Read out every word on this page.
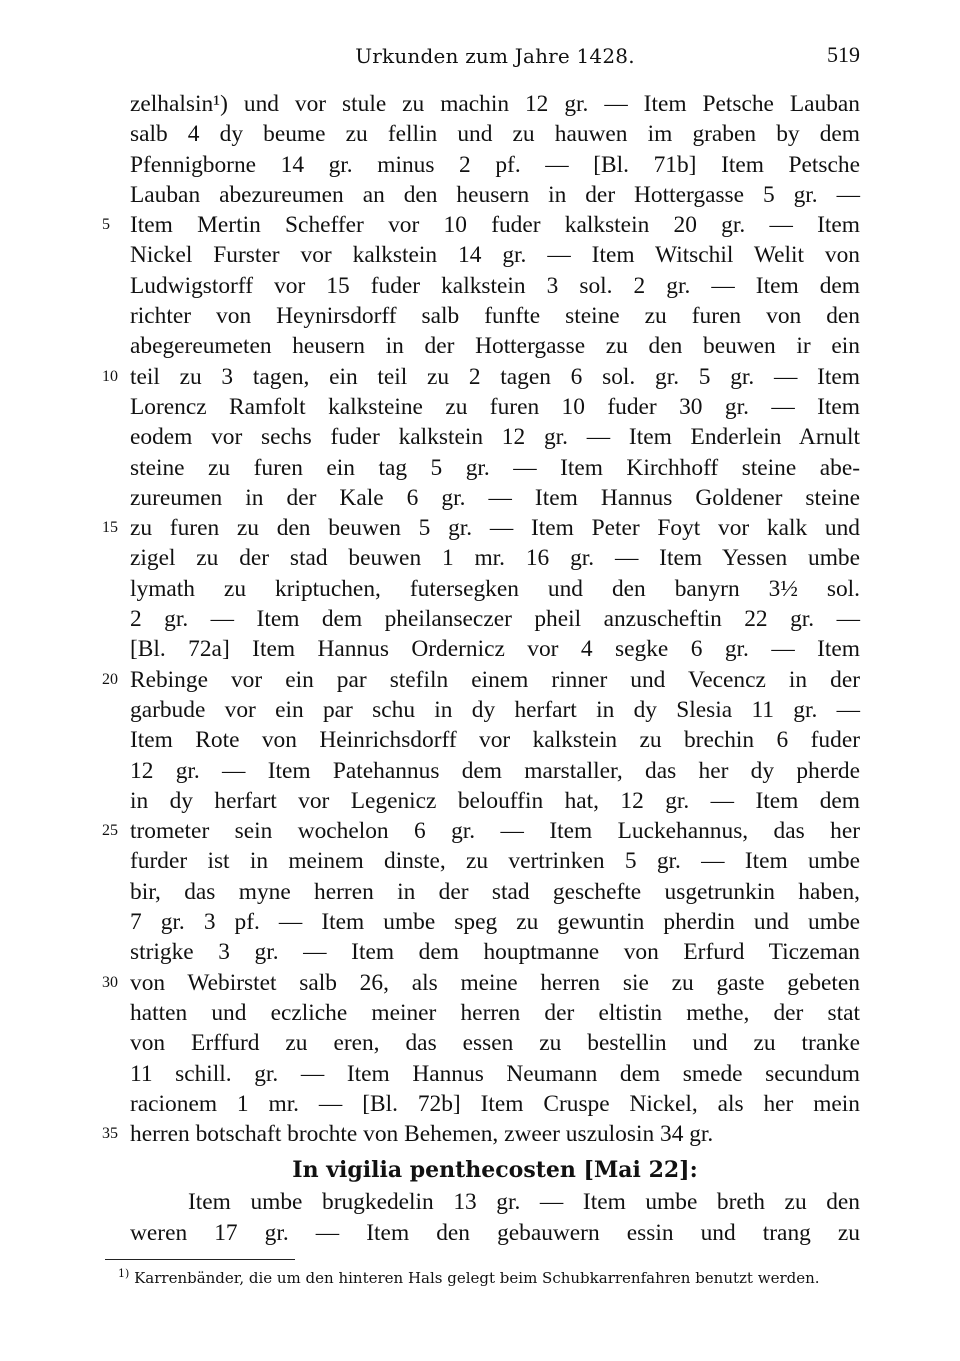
Urkunden zum Jahre 1428.	519
zelhalsin¹) und vor stule zu machin 12 gr. — Item Petsche Lauban
salb 4 dy beume zu fellin und zu hauwen im graben by dem
Pfennigborne 14 gr. minus 2 pf. — [Bl. 71b] Item Petsche
Lauban abezureumen an den heusern in der Hottergasse 5 gr. —
5 Item Mertin Scheffer vor 10 fuder kalkstein 20 gr. — Item
Nickel Furster vor kalkstein 14 gr. — Item Witschil Welit von
Ludwigstorff vor 15 fuder kalkstein 3 sol. 2 gr. — Item dem
richter von Heynirsdorff salb funfte steine zu furen von den
abegereumeten heusern in der Hottergasse zu den beuwen ir ein
10 teil zu 3 tagen, ein teil zu 2 tagen 6 sol. gr. 5 gr. — Item
Lorencz Ramfolt kalksteine zu furen 10 fuder 30 gr. — Item
eodem vor sechs fuder kalkstein 12 gr. — Item Enderlein Arnult
steine zu furen ein tag 5 gr. — Item Kirchhoff steine abe-
zureumen in der Kale 6 gr. — Item Hannus Goldener steine
15 zu furen zu den beuwen 5 gr. — Item Peter Foyt vor kalk und
zigel zu der stad beuwen 1 mr. 16 gr. — Item Yessen umbe
lymath zu kriptuchen, futersegken und den banyrn 3½ sol.
2 gr. — Item dem pheilanseczer pheil anzuscheftin 22 gr. —
[Bl. 72a] Item Hannus Ordernicz vor 4 segke 6 gr. — Item
20 Rebinge vor ein par stefiln einem rinner und Vecencz in der
garbude vor ein par schu in dy herfart in dy Slesia 11 gr. —
Item Rote von Heinrichsdorff vor kalkstein zu brechin 6 fuder
12 gr. — Item Patehannus dem marstaller, das her dy pherde
in dy herfart vor Legenicz belouffin hat, 12 gr. — Item dem
25 trometer sein wochelon 6 gr. — Item Luckehannus, das her
furder ist in meinem dinste, zu vertrinken 5 gr. — Item umbe
bir, das myne herren in der stad geschefte usgetrunkin haben,
7 gr. 3 pf. — Item umbe speg zu gewuntin pherdin und umbe
strigke 3 gr. — Item dem houptmanne von Erfurd Ticzeman
30 von Webirstet salb 26, als meine herren sie zu gaste gebeten
hatten und eczliche meiner herren der eltistin methe, der stat
von Erffurd zu eren, das essen zu bestellin und zu tranke
11 schill. gr. — Item Hannus Neumann dem smede secundum
racionem 1 mr. — [Bl. 72b] Item Cruspe Nickel, als her mein
35 herren botschaft brochte von Behemen, zweer uszulosin 34 gr.
In vigilia penthecosten [Mai 22]:
Item umbe brugkedelin 13 gr. — Item umbe breth zu den
weren 17 gr. — Item den gebauwern essin und trang zu
$^{1)}$ Karrenbänder, die um den hinteren Hals gelegt beim Schubkarrenfahren benutzt werden.
